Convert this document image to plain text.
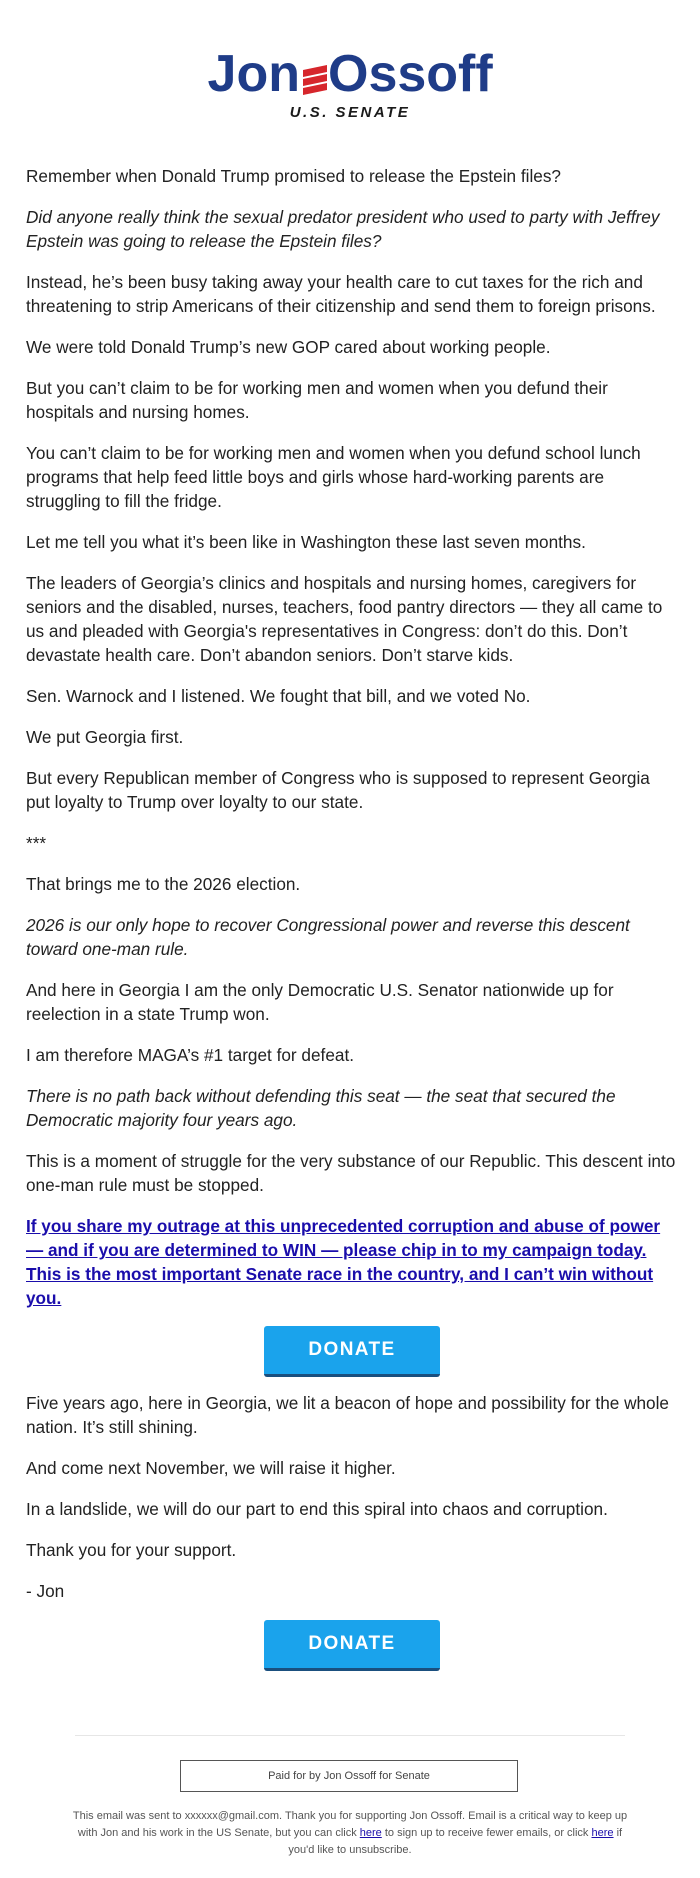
Jon Ossoff
U.S. SENATE

Remember when Donald Trump promised to release the Epstein files?

Did anyone really think the sexual predator president who used to party with Jeffrey Epstein was going to release the Epstein files?

Instead, he’s been busy taking away your health care to cut taxes for the rich and threatening to strip Americans of their citizenship and send them to foreign prisons.

We were told Donald Trump’s new GOP cared about working people.

But you can’t claim to be for working men and women when you defund their hospitals and nursing homes.

You can’t claim to be for working men and women when you defund school lunch programs that help feed little boys and girls whose hard-working parents are struggling to fill the fridge.

Let me tell you what it’s been like in Washington these last seven months.

The leaders of Georgia’s clinics and hospitals and nursing homes, caregivers for seniors and the disabled, nurses, teachers, food pantry directors — they all came to us and pleaded with Georgia's representatives in Congress: don’t do this. Don’t devastate health care. Don’t abandon seniors. Don’t starve kids.

Sen. Warnock and I listened. We fought that bill, and we voted No.

We put Georgia first.

But every Republican member of Congress who is supposed to represent Georgia put loyalty to Trump over loyalty to our state.

***

That brings me to the 2026 election.

2026 is our only hope to recover Congressional power and reverse this descent toward one-man rule.

And here in Georgia I am the only Democratic U.S. Senator nationwide up for reelection in a state Trump won.

I am therefore MAGA’s #1 target for defeat.

There is no path back without defending this seat — the seat that secured the Democratic majority four years ago.

This is a moment of struggle for the very substance of our Republic. This descent into one-man rule must be stopped.

If you share my outrage at this unprecedented corruption and abuse of power — and if you are determined to WIN — please chip in to my campaign today. This is the most important Senate race in the country, and I can’t win without you.

DONATE

Five years ago, here in Georgia, we lit a beacon of hope and possibility for the whole nation. It’s still shining.

And come next November, we will raise it higher.

In a landslide, we will do our part to end this spiral into chaos and corruption.

Thank you for your support.

- Jon

DONATE
Paid for by Jon Ossoff for Senate
This email was sent to xxxxxx@gmail.com. Thank you for supporting Jon Ossoff. Email is a critical way to keep up with Jon and his work in the US Senate, but you can click here to sign up to receive fewer emails, or click here if you'd like to unsubscribe.
